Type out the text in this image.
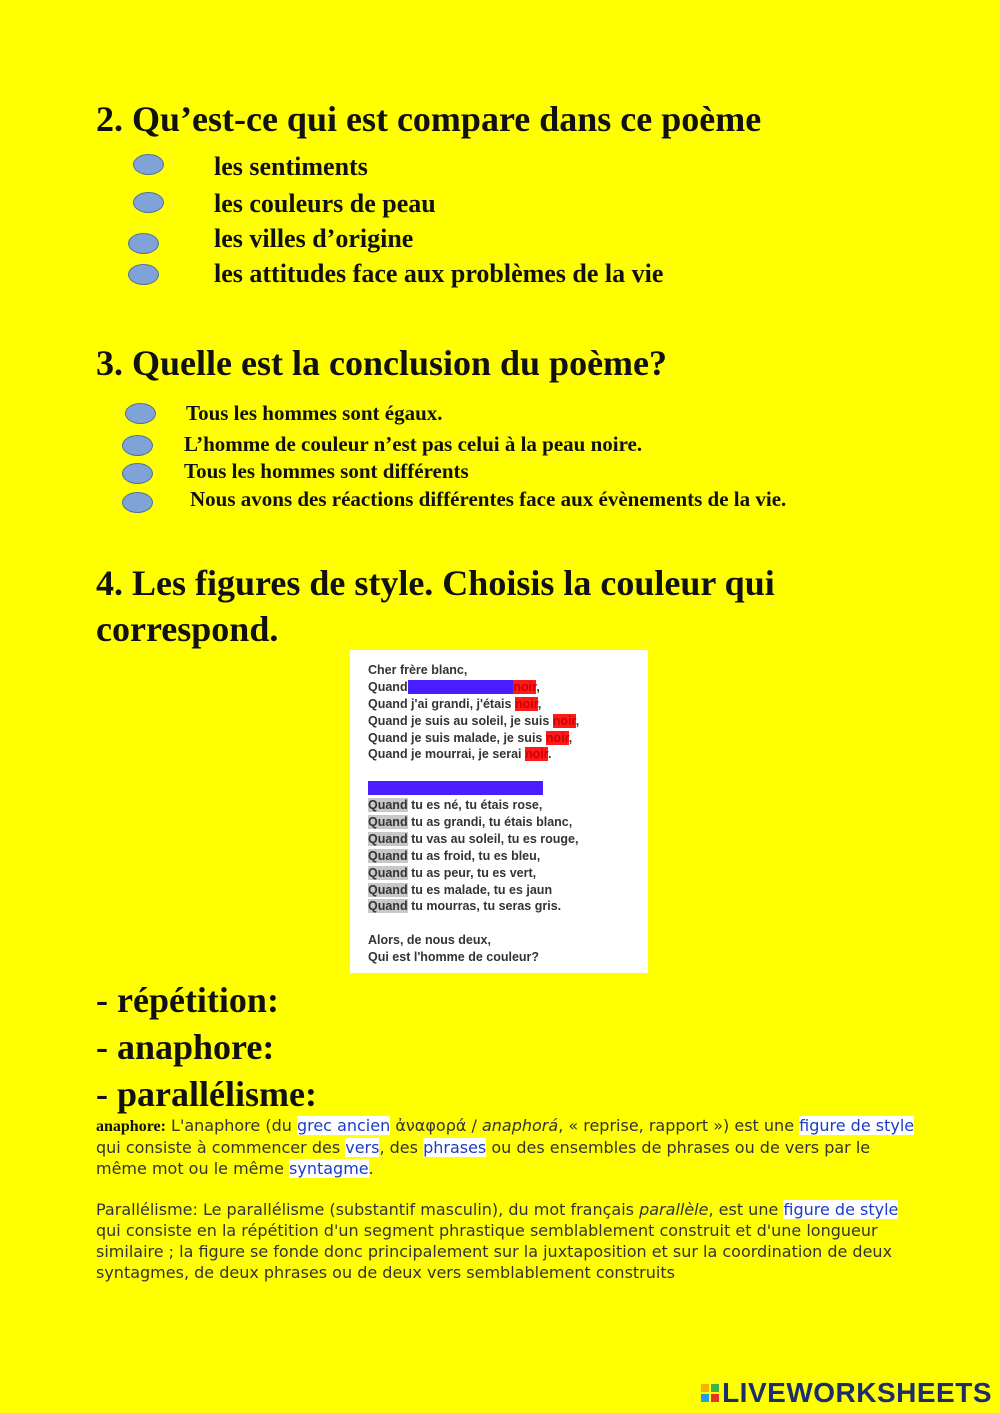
2. Qu’est-ce qui est compare dans ce poème

les sentiments

les couleurs de peau

les villes d’origine

les attitudes face aux problèmes de la vie

3. Quelle est la conclusion du poème?

Tous les hommes sont égaux.

L’homme de couleur n’est pas celui à la peau noire.

Tous les hommes sont différents

Nous avons des réactions différentes face aux évènements de la vie.

4. Les figures de style. Choisis la couleur qui
correspond.
Cher frère blanc,
Quand je suis né, j'étais noir,
Quand j'ai grandi, j'étais noir,
Quand je suis au soleil, je suis noir,
Quand je suis malade, je suis noir,
Quand je mourrai, je serai noir.
Tandis que toi, homme blanc,
Quand tu es né, tu étais rose,
Quand tu as grandi, tu étais blanc,
Quand tu vas au soleil, tu es rouge,
Quand tu as froid, tu es bleu,
Quand tu as peur, tu es vert,
Quand tu es malade, tu es jaun
Quand tu mourras, tu seras gris.
Alors, de nous deux,
Qui est l'homme de couleur?

- répétition:

- anaphore:

- parallélisme:

anaphore: L'anaphore (du grec ancien ἀναφορά / anaphorá, « reprise, rapport ») est une figure de style qui consiste à commencer des vers, des phrases ou des ensembles de phrases ou de vers par le même mot ou le même syntagme.

Parallélisme: Le parallélisme (substantif masculin), du mot français parallèle, est une figure de style qui consiste en la répétition d'un segment phrastique semblablement construit et d'une longueur similaire ; la figure se fonde donc principalement sur la juxtaposition et sur la coordination de deux syntagmes, de deux phrases ou de deux vers semblablement construits

LIVEWORKSHEETS
